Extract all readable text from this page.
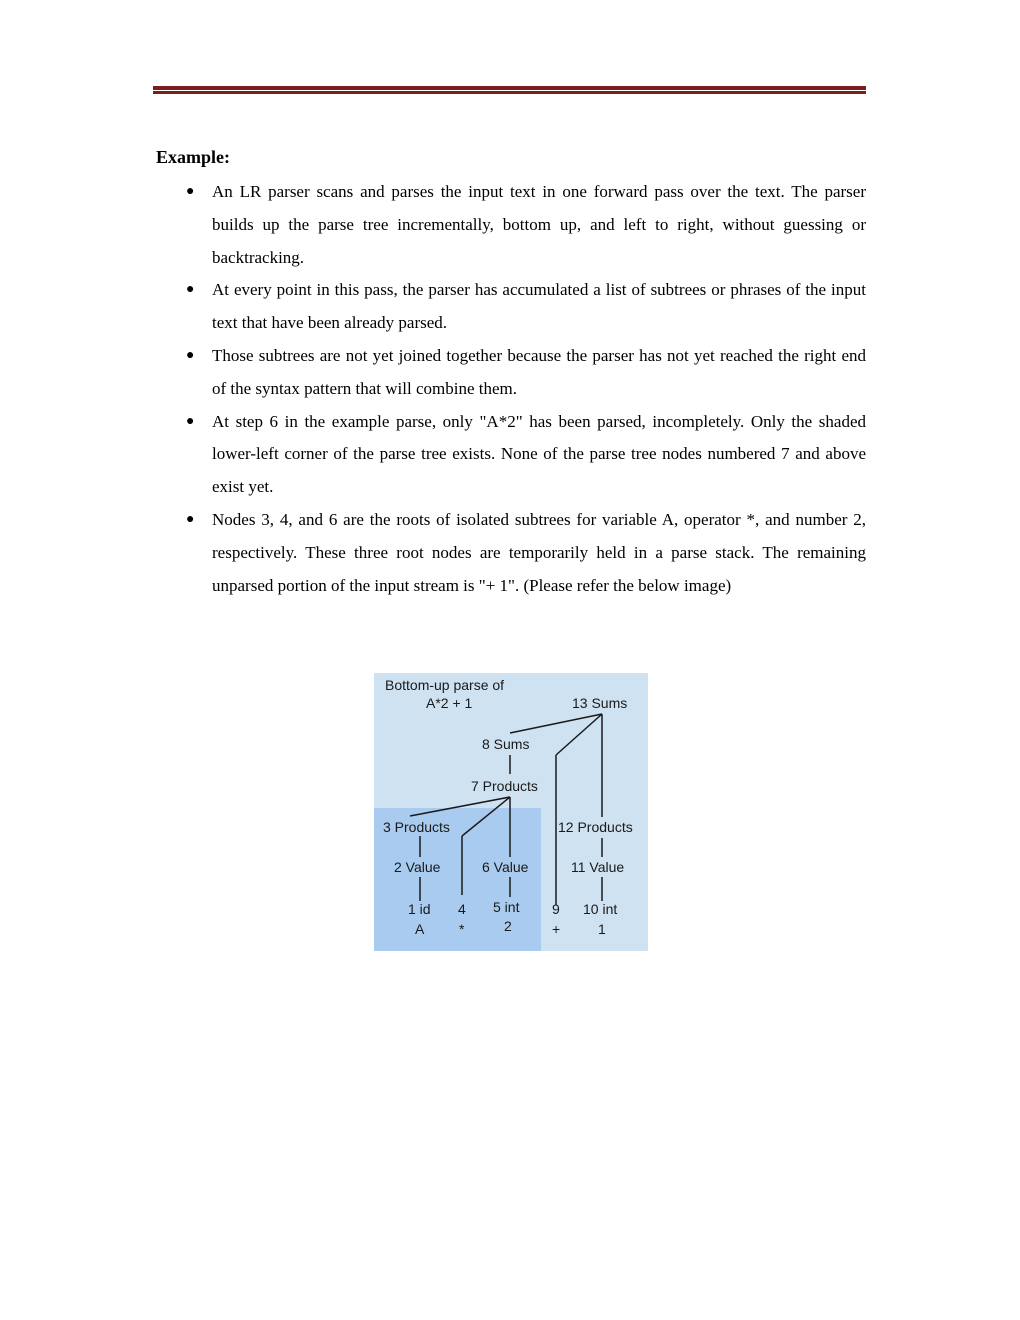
Example:

● An LR parser scans and parses the input text in one forward pass over the text. The parser builds up the parse tree incrementally, bottom up, and left to right, without guessing or backtracking.
● At every point in this pass, the parser has accumulated a list of subtrees or phrases of the input text that have been already parsed.
● Those subtrees are not yet joined together because the parser has not yet reached the right end of the syntax pattern that will combine them.
● At step 6 in the example parse, only "A*2" has been parsed, incompletely. Only the shaded lower-left corner of the parse tree exists. None of the parse tree nodes numbered 7 and above exist yet.
● Nodes 3, 4, and 6 are the roots of isolated subtrees for variable A, operator *, and number 2, respectively. These three root nodes are temporarily held in a parse stack. The remaining unparsed portion of the input stream is "+ 1". (Please refer the below image)
Bottom-up parse of
A*2 + 1	13 Sums
8 Sums
7 Products
3 Products	12 Products
2 Value	6 Value	11 Value
1 id 4 5 int 9 10 int
A *	2	+	1
